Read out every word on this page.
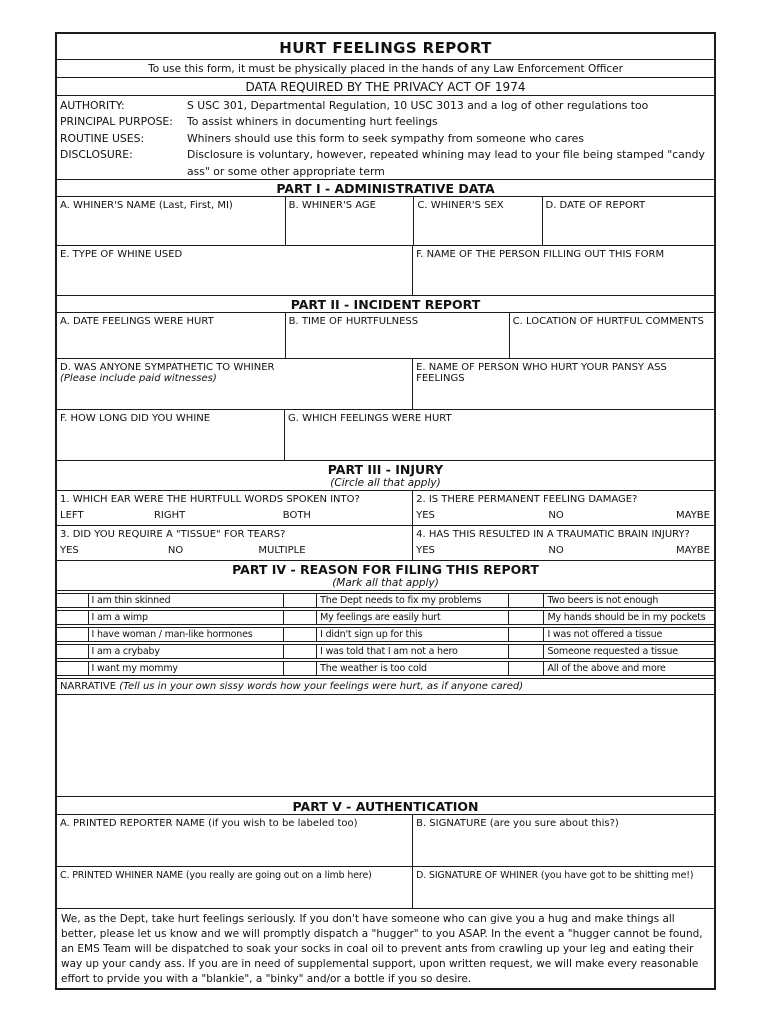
HURT FEELINGS REPORT
To use this form, it must be physically placed in the hands of any Law Enforcement Officer
DATA REQUIRED BY THE PRIVACY ACT OF 1974
AUTHORITY:	S USC 301, Departmental Regulation, 10 USC 3013 and a log of other regulations too
PRINCIPAL PURPOSE:	To assist whiners in documenting hurt feelings
ROUTINE USES:	Whiners should use this form to seek sympathy from someone who cares
DISCLOSURE:	Disclosure is voluntary, however, repeated whining may lead to your file being stamped "candy ass" or some other appropriate term
PART I - ADMINISTRATIVE DATA
A. WHINER'S NAME (Last, First, MI)	B. WHINER'S AGE	C. WHINER'S SEX	D. DATE OF REPORT
E. TYPE OF WHINE USED	F. NAME OF THE PERSON FILLING OUT THIS FORM
PART II - INCIDENT REPORT
A. DATE FEELINGS WERE HURT	B. TIME OF HURTFULNESS	C. LOCATION OF HURTFUL COMMENTS
D. WAS ANYONE SYMPATHETIC TO WHINER
(Please include paid witnesses)
E. NAME OF PERSON WHO HURT YOUR PANSY ASS FEELINGS
F. HOW LONG DID YOU WHINE	G. WHICH FEELINGS WERE HURT
PART III - INJURY
(Circle all that apply)
1. WHICH EAR WERE THE HURTFULL WORDS SPOKEN INTO?
LEFT	RIGHT	BOTH
2. IS THERE PERMANENT FEELING DAMAGE?
YES	NO	MAYBE
3. DID YOU REQUIRE A "TISSUE" FOR TEARS?
YES	NO	MULTIPLE
4. HAS THIS RESULTED IN A TRAUMATIC BRAIN INJURY?
YES	NO	MAYBE
PART IV - REASON FOR FILING THIS REPORT
(Mark all that apply)
I am thin skinned	The Dept needs to fix my problems	Two beers is not enough
I am a wimp	My feelings are easily hurt	My hands should be in my pockets
I have woman / man-like hormones	I didn't sign up for this	I was not offered a tissue
I am a crybaby	I was told that I am not a hero	Someone requested a tissue
I want my mommy	The weather is too cold	All of the above and more
NARRATIVE (Tell us in your own sissy words how your feelings were hurt, as if anyone cared)
PART V - AUTHENTICATION
A. PRINTED REPORTER NAME (if you wish to be labeled too)	B. SIGNATURE (are you sure about this?)
C. PRINTED WHINER NAME (you really are going out on a limb here)	D. SIGNATURE OF WHINER (you have got to be shitting me!)
We, as the Dept, take hurt feelings seriously. If you don't have someone who can give you a hug and make things all better, please let us know and we will promptly dispatch a "hugger" to you ASAP. In the event a "hugger cannot be found, an EMS Team will be dispatched to soak your socks in coal oil to prevent ants from crawling up your leg and eating their way up your candy ass. If you are in need of supplemental support, upon written request, we will make every reasonable effort to prvide you with a "blankie", a "binky" and/or a bottle if you so desire.
